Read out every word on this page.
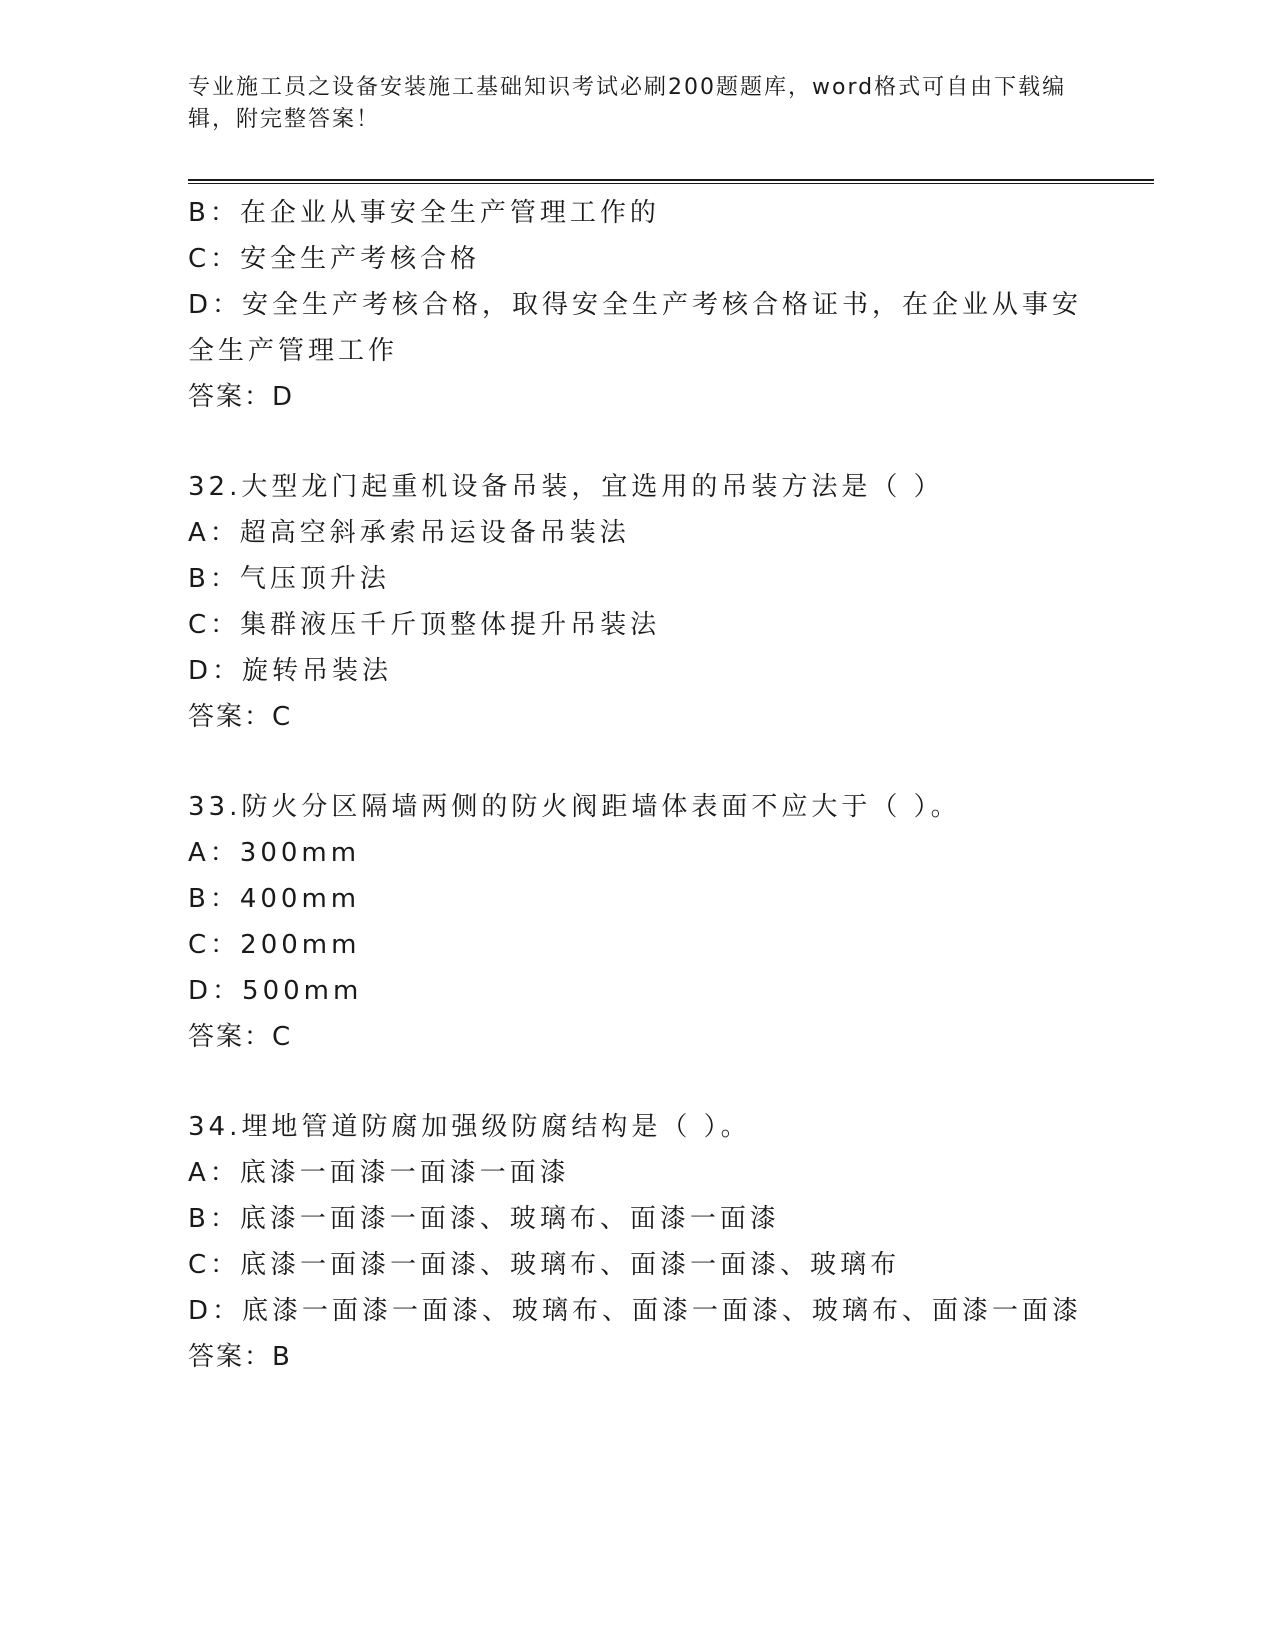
专业施工员之设备安装施工基础知识考试必刷200题题库，word格式可自由下载编辑，附完整答案！
B：在企业从事安全生产管理工作的
C：安全生产考核合格
D：安全生产考核合格，取得安全生产考核合格证书，在企业从事安全生产管理工作
答案：D
32.大型龙门起重机设备吊装，宜选用的吊装方法是（ ）
A：超高空斜承索吊运设备吊装法
B：气压顶升法
C：集群液压千斤顶整体提升吊装法
D：旋转吊装法
答案：C
33.防火分区隔墙两侧的防火阀距墙体表面不应大于（ ）。
A：300mm
B：400mm
C：200mm
D：500mm
答案：C
34.埋地管道防腐加强级防腐结构是（ ）。
A：底漆一面漆一面漆一面漆
B：底漆一面漆一面漆、玻璃布、面漆一面漆
C：底漆一面漆一面漆、玻璃布、面漆一面漆、玻璃布
D：底漆一面漆一面漆、玻璃布、面漆一面漆、玻璃布、面漆一面漆
答案：B
